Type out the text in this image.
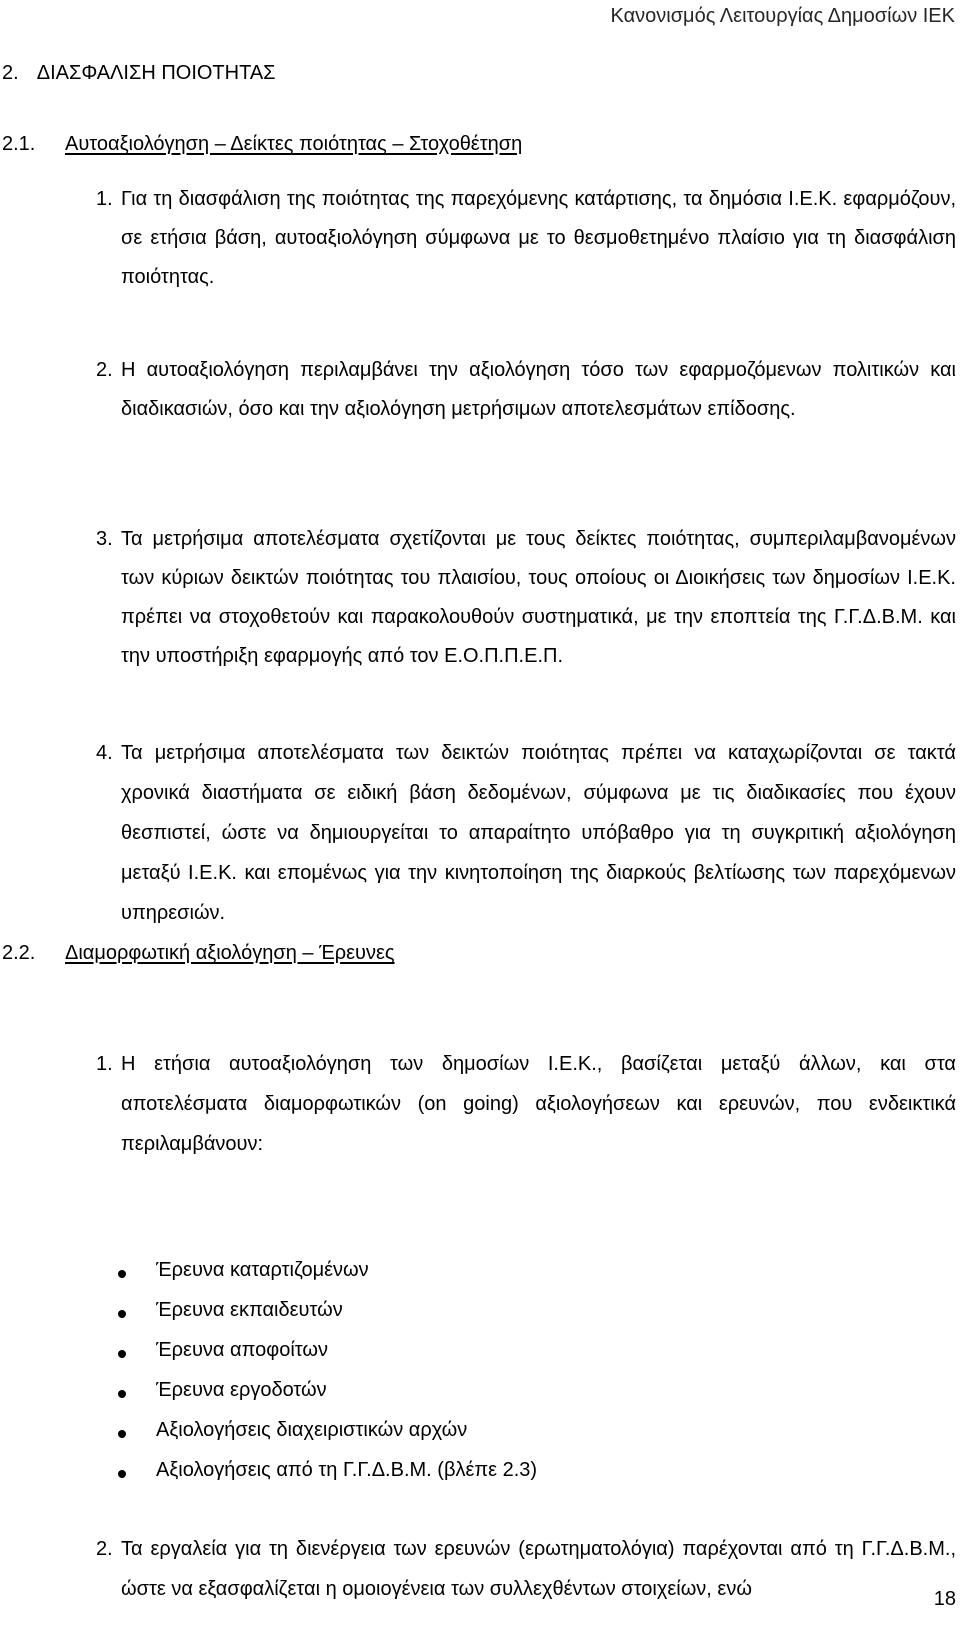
Κανονισμός Λειτουργίας Δημοσίων ΙΕΚ
2. ΔΙΑΣΦΑΛΙΣΗ ΠΟΙΟΤΗΤΑΣ
2.1. Αυτοαξιολόγηση – Δείκτες ποιότητας – Στοχοθέτηση
1. Για τη διασφάλιση της ποιότητας της παρεχόμενης κατάρτισης, τα δημόσια Ι.Ε.Κ. εφαρμόζουν, σε ετήσια βάση, αυτοαξιολόγηση σύμφωνα με το θεσμοθετημένο πλαίσιο για τη διασφάλιση ποιότητας.
2. Η αυτοαξιολόγηση περιλαμβάνει την αξιολόγηση τόσο των εφαρμοζόμενων πολιτικών και διαδικασιών, όσο και την αξιολόγηση μετρήσιμων αποτελεσμάτων επίδοσης.
3. Τα μετρήσιμα αποτελέσματα σχετίζονται με τους δείκτες ποιότητας, συμπεριλαμβανομένων των κύριων δεικτών ποιότητας του πλαισίου, τους οποίους οι Διοικήσεις των δημοσίων Ι.Ε.Κ. πρέπει να στοχοθετούν και παρακολουθούν συστηματικά, με την εποπτεία της Γ.Γ.Δ.Β.Μ. και την υποστήριξη εφαρμογής από τον Ε.Ο.Π.Π.Ε.Π.
4. Τα μετρήσιμα αποτελέσματα των δεικτών ποιότητας πρέπει να καταχωρίζονται σε τακτά χρονικά διαστήματα σε ειδική βάση δεδομένων, σύμφωνα με τις διαδικασίες που έχουν θεσπιστεί, ώστε να δημιουργείται το απαραίτητο υπόβαθρο για τη συγκριτική αξιολόγηση μεταξύ Ι.Ε.Κ. και επομένως για την κινητοποίηση της διαρκούς βελτίωσης των παρεχόμενων υπηρεσιών.
2.2. Διαμορφωτική αξιολόγηση – Έρευνες
1. Η ετήσια αυτοαξιολόγηση των δημοσίων Ι.Ε.Κ., βασίζεται μεταξύ άλλων, και στα αποτελέσματα διαμορφωτικών (on going) αξιολογήσεων και ερευνών, που ενδεικτικά περιλαμβάνουν:
Έρευνα καταρτιζομένων
Έρευνα εκπαιδευτών
Έρευνα αποφοίτων
Έρευνα εργοδοτών
Αξιολογήσεις διαχειριστικών αρχών
Αξιολογήσεις από τη Γ.Γ.Δ.Β.Μ. (βλέπε 2.3)
2. Τα εργαλεία για τη διενέργεια των ερευνών (ερωτηματολόγια) παρέχονται από τη Γ.Γ.Δ.Β.Μ., ώστε να εξασφαλίζεται η ομοιογένεια των συλλεχθέντων στοιχείων, ενώ	18
